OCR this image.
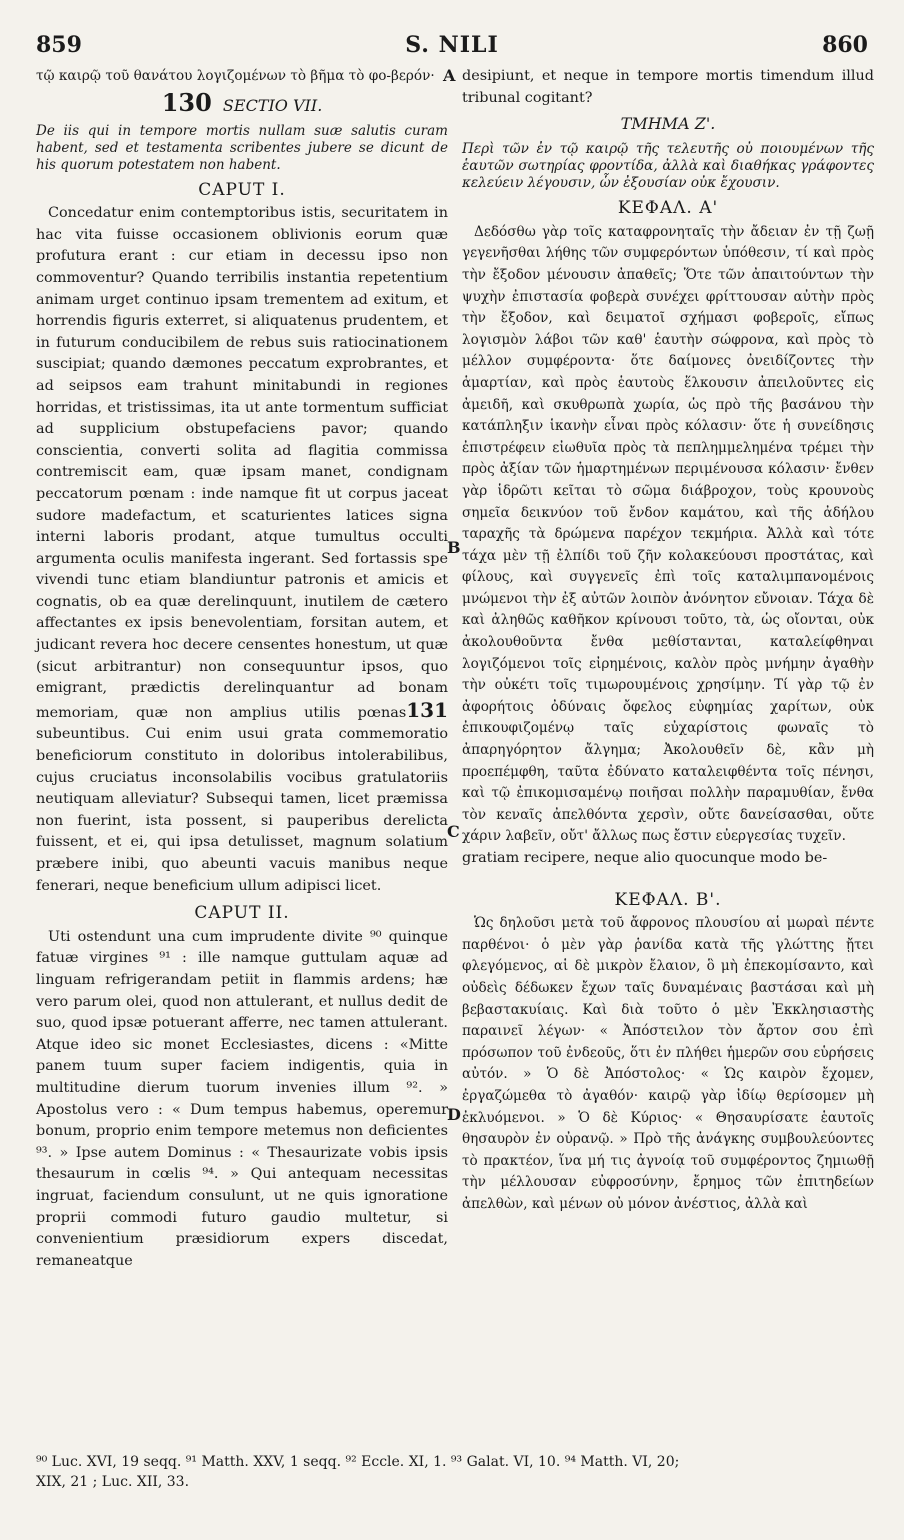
859	S. NILI	860
A
B
C
D

τῷ καιρῷ τοῦ θανάτου λογιζομένων τὸ βῆμα τὸ φο-βερόν·

130 SECTIO VII.

De iis qui in tempore mortis nullam suæ salutis curam habent, sed et testamenta scribentes jubere se dicunt de his quorum potestatem non habent.

CAPUT I.

Concedatur enim contemptoribus istis, securitatem in hac vita fuisse occasionem oblivionis eorum quæ profutura erant : cur etiam in decessu ipso non commoventur? Quando terribilis instantia repetentium animam urget continuo ipsam trementem ad exitum, et horrendis figuris exterret, si aliquatenus prudentem, et in futurum conducibilem de rebus suis ratiocinationem suscipiat; quando dæmones peccatum exprobrantes, et ad seipsos eam trahunt minitabundi in regiones horridas, et tristissimas, ita ut ante tormentum sufficiat ad supplicium obstupefaciens pavor; quando conscientia, converti solita ad flagitia commissa contremiscit eam, quæ ipsam manet, condignam peccatorum pœnam : inde namque fit ut corpus jaceat sudore madefactum, et scaturientes latices signa interni laboris prodant, atque tumultus occulti argumenta oculis manifesta ingerant. Sed fortassis spe vivendi tunc etiam blandiuntur patronis et amicis et cognatis, ob ea quæ derelinquunt, inutilem de cætero affectantes ex ipsis benevolentiam, forsitan autem, et judicant revera hoc decere censentes honestum, ut quæ (sicut arbitrantur) non consequuntur ipsos, quo emigrant, prædictis derelinquantur ad bonam memoriam, quæ non amplius utilis pœnas131 subeuntibus. Cui enim usui grata commemoratio beneficiorum constituto in doloribus intolerabilibus, cujus cruciatus inconsolabilis vocibus gratulatoriis neutiquam alleviatur? Subsequi tamen, licet præmissa non fuerint, ista possent, si pauperibus derelicta fuissent, et ei, qui ipsa detulisset, magnum solatium præbere inibi, quo abeunti vacuis manibus neque fenerari, neque beneficium ullum adipisci licet.

CAPUT II.

Uti ostendunt una cum imprudente divite ⁹⁰ quinque fatuæ virgines ⁹¹ : ille namque guttulam aquæ ad linguam refrigerandam petiit in flammis ardens; hæ vero parum olei, quod non attulerant, et nullus dedit de suo, quod ipsæ potuerant afferre, nec tamen attulerant. Atque ideo sic monet Ecclesiastes, dicens : «Mitte panem tuum super faciem indigentis, quia in multitudine dierum tuorum invenies illum ⁹². » Apostolus vero : « Dum tempus habemus, operemur bonum, proprio enim tempore metemus non deficientes ⁹³. » Ipse autem Dominus : « Thesaurizate vobis ipsis thesaurum in cœlis ⁹⁴. » Qui antequam necessitas ingruat, faciendum consulunt, ut ne quis ignoratione proprii commodi futuro gaudio multetur, si convenientium præsidiorum expers discedat, remaneatque

desipiunt, et neque in tempore mortis timendum illud tribunal cogitant?

ΤΜΗΜΑ Ζ'.

Περὶ τῶν ἐν τῷ καιρῷ τῆς τελευτῆς οὐ ποιουμένων τῆς ἑαυτῶν σωτηρίας φροντίδα, ἀλλὰ καὶ διαθήκας γράφοντες κελεύειν λέγουσιν, ὧν ἐξουσίαν οὐκ ἔχουσιν.

ΚΕΦΑΛ. Α'

Δεδόσθω γὰρ τοῖς καταφρονηταῖς τὴν ἄδειαν ἐν τῇ ζωῇ γεγενῆσθαι λήθης τῶν συμφερόντων ὑπόθεσιν, τί καὶ πρὸς τὴν ἔξοδον μένουσιν ἀπαθεῖς; Ὅτε τῶν ἀπαιτούντων τὴν ψυχὴν ἐπιστασία φοβερὰ συνέχει φρίττουσαν αὐτὴν πρὸς τὴν ἔξοδον, καὶ δειματοῖ σχήμασι φοβεροῖς, εἴπως λογισμὸν λάβοι τῶν καθ' ἑαυτὴν σώφρονα, καὶ πρὸς τὸ μέλλον συμφέροντα· ὅτε δαίμονες ὀνειδίζοντες τὴν ἁμαρτίαν, καὶ πρὸς ἑαυτοὺς ἕλκουσιν ἀπειλοῦντες εἰς ἀμειδῆ, καὶ σκυθρωπὰ χωρία, ὡς πρὸ τῆς βασάνου τὴν κατάπληξιν ἱκανὴν εἶναι πρὸς κόλασιν· ὅτε ἡ συνείδησις ἐπιστρέφειν εἰωθυῖα πρὸς τὰ πεπλημμελημένα τρέμει τὴν πρὸς ἀξίαν τῶν ἡμαρτημένων περιμένουσα κόλασιν· ἔνθεν γὰρ ἱδρῶτι κεῖται τὸ σῶμα διάβροχον, τοὺς κρουνοὺς σημεῖα δεικνύον τοῦ ἔνδον καμάτου, καὶ τῆς ἀδήλου ταραχῆς τὰ δρώμενα παρέχον τεκμήρια. Ἀλλὰ καὶ τότε τάχα μὲν τῇ ἐλπίδι τοῦ ζῆν κολακεύουσι προστάτας, καὶ φίλους, καὶ συγγενεῖς ἐπὶ τοῖς καταλιμπανομένοις μνώμενοι τὴν ἐξ αὐτῶν λοιπὸν ἀνόνητον εὔνοιαν. Τάχα δὲ καὶ ἀληθῶς καθῆκον κρίνουσι τοῦτο, τὰ, ὡς οἴονται, οὐκ ἀκολουθοῦντα ἔνθα μεθίστανται, καταλείφθηναι λογιζόμενοι τοῖς εἰρημένοις, καλὸν πρὸς μνήμην ἀγαθὴν τὴν οὐκέτι τοῖς τιμωρουμένοις χρησίμην. Τί γὰρ τῷ ἐν ἀφορήτοις ὀδύναις ὄφελος εὐφημίας χαρίτων, οὐκ ἐπικουφιζομένῳ ταῖς εὐχαρίστοις φωναῖς τὸ ἀπαρηγόρητον ἄλγημα; Ἀκολουθεῖν δὲ, κἂν μὴ προεπέμφθη, ταῦτα ἐδύνατο καταλειφθέντα τοῖς πένησι, καὶ τῷ ἐπικομισαμένῳ ποιῆσαι πολλὴν παραμυθίαν, ἔνθα τὸν κεναῖς ἀπελθόντα χερσὶν, οὔτε δανείσασθαι, οὔτε χάριν λαβεῖν, οὔτ' ἄλλως πως ἔστιν εὐεργεσίας τυχεῖν.

gratiam recipere, neque alio quocunque modo be-

ΚΕΦΑΛ. Β'.

Ὡς δηλοῦσι μετὰ τοῦ ἄφρονος πλουσίου αἱ μωραὶ πέντε παρθένοι· ὁ μὲν γὰρ ῥανίδα κατὰ τῆς γλώττης ᾔτει φλεγόμενος, αἱ δὲ μικρὸν ἔλαιον, ὃ μὴ ἐπεκομίσαντο, καὶ οὐδεὶς δέδωκεν ἔχων ταῖς δυναμέναις βαστάσαι καὶ μὴ βεβαστακυίαις. Καὶ διὰ τοῦτο ὁ μὲν Ἐκκλησιαστὴς παραινεῖ λέγων· « Ἀπόστειλον τὸν ἄρτον σου ἐπὶ πρόσωπον τοῦ ἐνδεοῦς, ὅτι ἐν πλήθει ἡμερῶν σου εὑρήσεις αὐτόν. » Ὁ δὲ Ἀπόστολος· « Ὡς καιρὸν ἔχομεν, ἐργαζώμεθα τὸ ἀγαθόν· καιρῷ γὰρ ἰδίῳ θερίσομεν μὴ ἐκλυόμενοι. » Ὁ δὲ Κύριος· « Θησαυρίσατε ἑαυτοῖς θησαυρὸν ἐν οὐρανῷ. » Πρὸ τῆς ἀνάγκης συμβουλεύοντες τὸ πρακτέον, ἵνα μή τις ἀγνοίᾳ τοῦ συμφέροντος ζημιωθῇ τὴν μέλλουσαν εὐφροσύνην, ἔρημος τῶν ἐπιτηδείων ἀπελθὼν, καὶ μένων οὐ μόνον ἀνέστιος, ἀλλὰ καὶ

⁹⁰ Luc. XVI, 19 seqq. ⁹¹ Matth. XXV, 1 seqq. ⁹² Eccle. XI, 1. ⁹³ Galat. VI, 10. ⁹⁴ Matth. VI, 20;

XIX, 21 ; Luc. XII, 33.
